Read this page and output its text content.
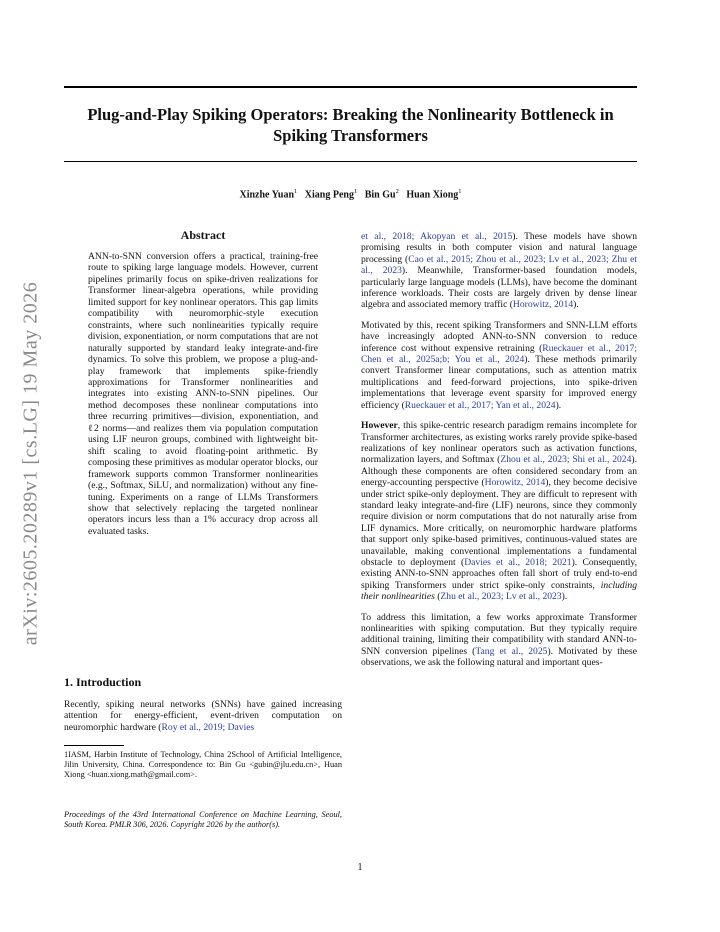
Plug-and-Play Spiking Operators: Breaking the Nonlinearity Bottleneck in Spiking Transformers
Xinzhe Yuan$^1$ Xiang Peng$^1$ Bin Gu$^2$ Huan Xiong$^1$
arXiv:2605.20289v1 [cs.LG] 19 May 2026
Abstract
ANN-to-SNN conversion offers a practical, training-free route to spiking large language models. However, current pipelines primarily focus on spike-driven realizations for Transformer linear-algebra operations, while providing limited support for key nonlinear operators. This gap limits compatibility with neuromorphic-style execution constraints, where such nonlinearities typically require division, exponentiation, or norm computations that are not naturally supported by standard leaky integrate-and-fire dynamics. To solve this problem, we propose a plug-and-play framework that implements spike-friendly approximations for Transformer nonlinearities and integrates into existing ANN-to-SNN pipelines. Our method decomposes these nonlinear computations into three recurring primitives—division, exponentiation, and ℓ2 norms—and realizes them via population computation using LIF neuron groups, combined with lightweight bit-shift scaling to avoid floating-point arithmetic. By composing these primitives as modular operator blocks, our framework supports common Transformer nonlinearities (e.g., Softmax, SiLU, and normalization) without any fine-tuning. Experiments on a range of LLMs Transformers show that selectively replacing the targeted nonlinear operators incurs less than a 1% accuracy drop across all evaluated tasks.
1. Introduction

Recently, spiking neural networks (SNNs) have gained increasing attention for energy-efficient, event-driven computation on neuromorphic hardware (Roy et al., 2019; Davies

1IASM, Harbin Institute of Technology, China 2School of Artificial Intelligence, Jilin University, China. Correspondence to: Bin Gu <gubin@jlu.edu.cn>, Huan Xiong <huan.xiong.math@gmail.com>.
Proceedings of the 43rd International Conference on Machine Learning, Seoul, South Korea. PMLR 306, 2026. Copyright 2026 by the author(s).

et al., 2018; Akopyan et al., 2015). These models have shown promising results in both computer vision and natural language processing (Cao et al., 2015; Zhou et al., 2023; Lv et al., 2023; Zhu et al., 2023). Meanwhile, Transformer-based foundation models, particularly large language models (LLMs), have become the dominant inference workloads. Their costs are largely driven by dense linear algebra and associated memory traffic (Horowitz, 2014).

Motivated by this, recent spiking Transformers and SNN-LLM efforts have increasingly adopted ANN-to-SNN conversion to reduce inference cost without expensive retraining (Rueckauer et al., 2017; Chen et al., 2025a;b; You et al., 2024). These methods primarily convert Transformer linear computations, such as attention matrix multiplications and feed-forward projections, into spike-driven implementations that leverage event sparsity for improved energy efficiency (Rueckauer et al., 2017; Yan et al., 2024).

However, this spike-centric research paradigm remains incomplete for Transformer architectures, as existing works rarely provide spike-based realizations of key nonlinear operators such as activation functions, normalization layers, and Softmax (Zhou et al., 2023; Shi et al., 2024). Although these components are often considered secondary from an energy-accounting perspective (Horowitz, 2014), they become decisive under strict spike-only deployment. They are difficult to represent with standard leaky integrate-and-fire (LIF) neurons, since they commonly require division or norm computations that do not naturally arise from LIF dynamics. More critically, on neuromorphic hardware platforms that support only spike-based primitives, continuous-valued states are unavailable, making conventional implementations a fundamental obstacle to deployment (Davies et al., 2018; 2021). Consequently, existing ANN-to-SNN approaches often fall short of truly end-to-end spiking Transformers under strict spike-only constraints, including their nonlinearities (Zhu et al., 2023; Lv et al., 2023).

To address this limitation, a few works approximate Transformer nonlinearities with spiking computation. But they typically require additional training, limiting their compatibility with standard ANN-to-SNN conversion pipelines (Tang et al., 2025). Motivated by these observations, we ask the following natural and important ques-

1
